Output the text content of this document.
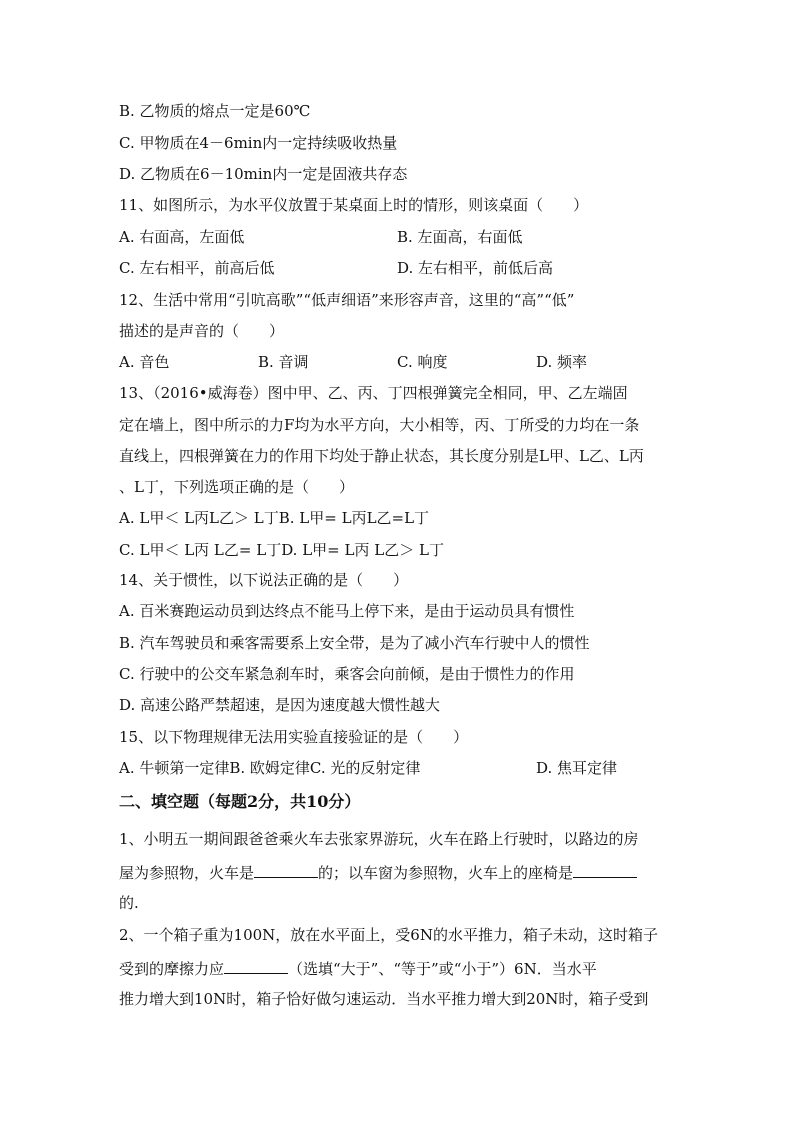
B. 乙物质的熔点一定是60℃
C. 甲物质在4－6min内一定持续吸收热量
D. 乙物质在6－10min内一定是固液共存态
11、如图所示，为水平仪放置于某桌面上时的情形，则该桌面（　　）
A. 右面高，左面低	B. 左面高，右面低
C. 左右相平，前高后低	D. 左右相平，前低后高
12、生活中常用“引吭高歌”“低声细语”来形容声音，这里的“高”“低”
描述的是声音的（　　）
A. 音色	B. 音调	C. 响度	D. 频率
13、（2016•威海卷）图中甲、乙、丙、丁四根弹簧完全相同，甲、乙左端固
定在墙上，图中所示的力F均为水平方向，大小相等，丙、丁所受的力均在一条
直线上，四根弹簧在力的作用下均处于静止状态，其长度分别是L甲、L乙、L丙
、L丁，下列选项正确的是（　　）
A. L甲＜ L丙L乙＞ L丁B. L甲= L丙L乙=L丁
C. L甲＜ L丙 L乙= L丁D. L甲= L丙 L乙＞ L丁
14、关于惯性，以下说法正确的是（　　）
A. 百米赛跑运动员到达终点不能马上停下来，是由于运动员具有惯性
B. 汽车驾驶员和乘客需要系上安全带，是为了减小汽车行驶中人的惯性
C. 行驶中的公交车紧急刹车时，乘客会向前倾，是由于惯性力的作用
D. 高速公路严禁超速，是因为速度越大惯性越大
15、以下物理规律无法用实验直接验证的是（　　）
A. 牛顿第一定律B. 欧姆定律C. 光的反射定律	D. 焦耳定律
二、填空题（每题2分，共10分）
1、小明五一期间跟爸爸乘火车去张家界游玩，火车在路上行驶时，以路边的房
屋为参照物，火车是	的；以车窗为参照物，火车上的座椅是
的.
2、一个箱子重为100N，放在水平面上，受6N的水平推力，箱子未动，这时箱子
受到的摩擦力应	（选填“大于”、“等于”或“小于”）6N．当水平
推力增大到10N时，箱子恰好做匀速运动．当水平推力增大到20N时，箱子受到
